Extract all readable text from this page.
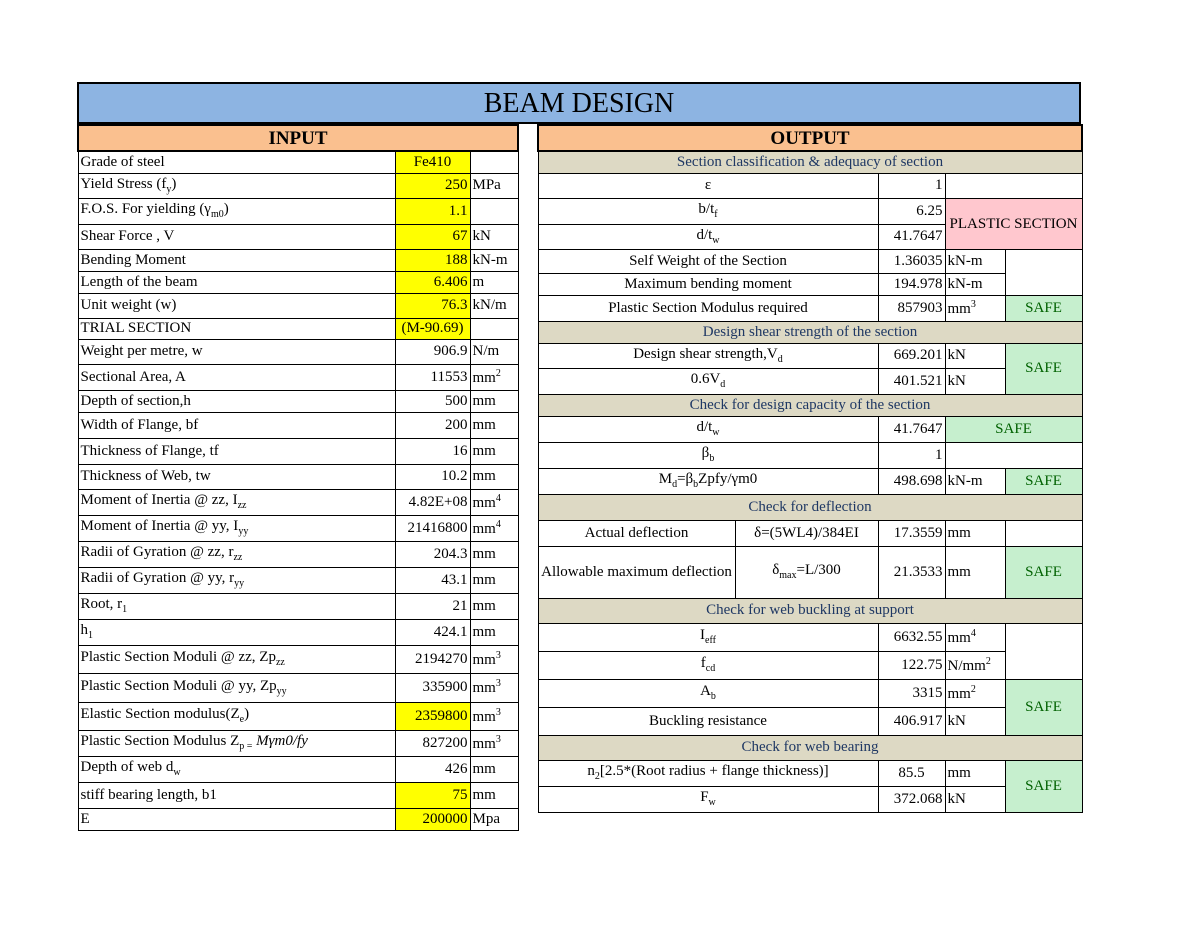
BEAM DESIGN
INPUT		
Grade of steel	Fe410	
Yield Stress $(f_y)$	250	MPa
F.O.S. For yielding $(\gamma_{m0})$	1.1	
Shear Force , V	67	kN
Bending Moment	188	kN-m
Length of the beam	6.406	m
Unit weight (w)	76.3	kN/m
TRIAL SECTION	(M-90.69)	
Weight per metre, w	906.9	N/m
Sectional Area, A	11553	$mm^2$
Depth of section,h	500	mm
Width of Flange, bf	200	mm
Thickness of Flange, tf	16	mm
Thickness of Web, tw	10.2	mm
Moment of Inertia @ zz, $I_{zz}$	4.82E+08	$mm^4$
Moment of Inertia @ yy, $I_{yy}$	21416800	$mm^4$
Radii of Gyration @ zz, $r_{zz}$	204.3	mm
Radii of Gyration @ yy, $r_{yy}$	43.1	mm
Root, $r_1$	21	mm
$h_1$	424.1	mm
Plastic Section Moduli @ zz, $Zp_{zz}$	2194270	$mm^3$
Plastic Section Moduli @ yy, $Zp_{yy}$	335900	$mm^3$
Elastic Section $modulus(Z_e)$	2359800	$mm^3$
Plastic Section Modulus $Z_{p =}$ Mγm0/fy	827200	$mm^3$
Depth of web $d_w$	426	mm
stiff bearing length, b1	75	mm
E	200000	Mpa
OUTPUT				
Section classification & adequacy of section				
ε		1		
$b/t_f$		6.25	PLASTIC SECTION	
$d/t_w$		41.7647		
Self Weight of the Section		1.36035	kN-m	
Maximum bending moment		194.978	kN-m	
Plastic Section Modulus required		857903	$mm^3$	SAFE
Design shear strength of the section				
Design shear $strength,V_d$		669.201	kN	SAFE
$0.6V_d$		401.521	kN	
Check for design capacity of the section				
$d/t_w$		41.7647	SAFE	
$\beta_b$		1		
$M_d=\beta_bZpfy/\gamma m0$		498.698	kN-m	SAFE
Check for deflection				
Actual deflection	δ=(5WL4)/384EI	17.3559	mm	
Allowable maximum deflection	$\delta_{max}=L/300$	21.3533	mm	SAFE
Check for web buckling at support				
$I_{eff}$		6632.55	$mm^4$	
$f_{cd}$		122.75	$N/mm^2$
$A_b$		3315	$mm^2$	SAFE
Buckling resistance		406.917	kN	
Check for web bearing				
$n_2[2.5*(Root$ radius + flange thickness)]		85.5	mm	SAFE
$F_w$		372.068	kN	
